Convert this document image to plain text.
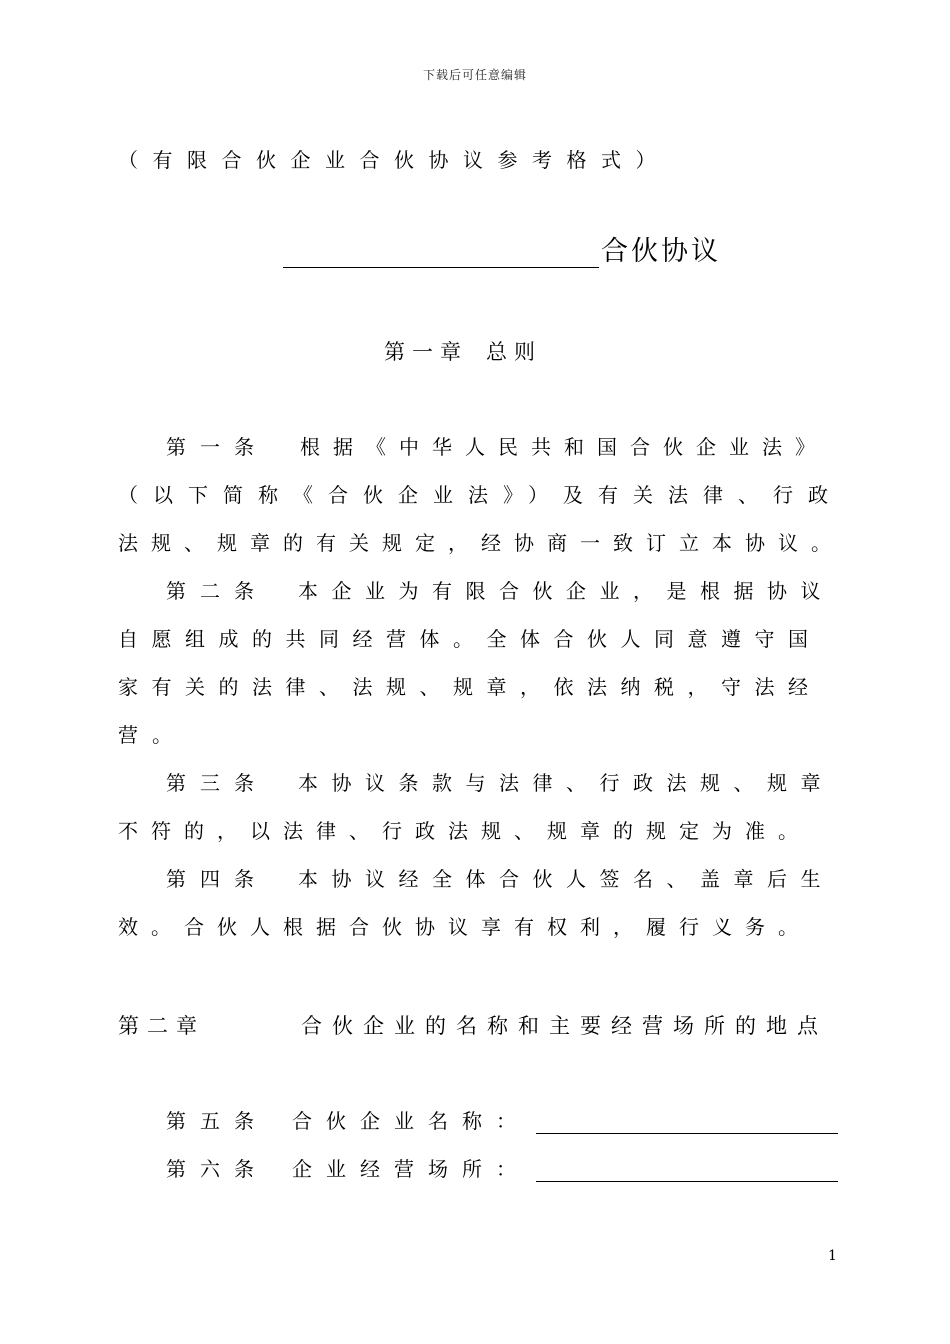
下载后可任意编辑
（有限合伙企业合伙协议参考格式）
合伙协议
第一章 总则
第一条 根据《中华人民共和国合伙企业法》
（以下简称《合伙企业法》）及有关法律、行政
法规、规章的有关规定，经协商一致订立本协议。
第二条 本企业为有限合伙企业，是根据协议
自愿组成的共同经营体。全体合伙人同意遵守国
家有关的法律、法规、规章，依法纳税，守法经
营。
第三条 本协议条款与法律、行政法规、规章
不符的，以法律、行政法规、规章的规定为准。
第四条 本协议经全体合伙人签名、盖章后生
效。合伙人根据合伙协议享有权利，履行义务。
第二章	合伙企业的名称和主要经营场所的地点
第五条 合伙企业名称：
第六条 企业经营场所：
1
